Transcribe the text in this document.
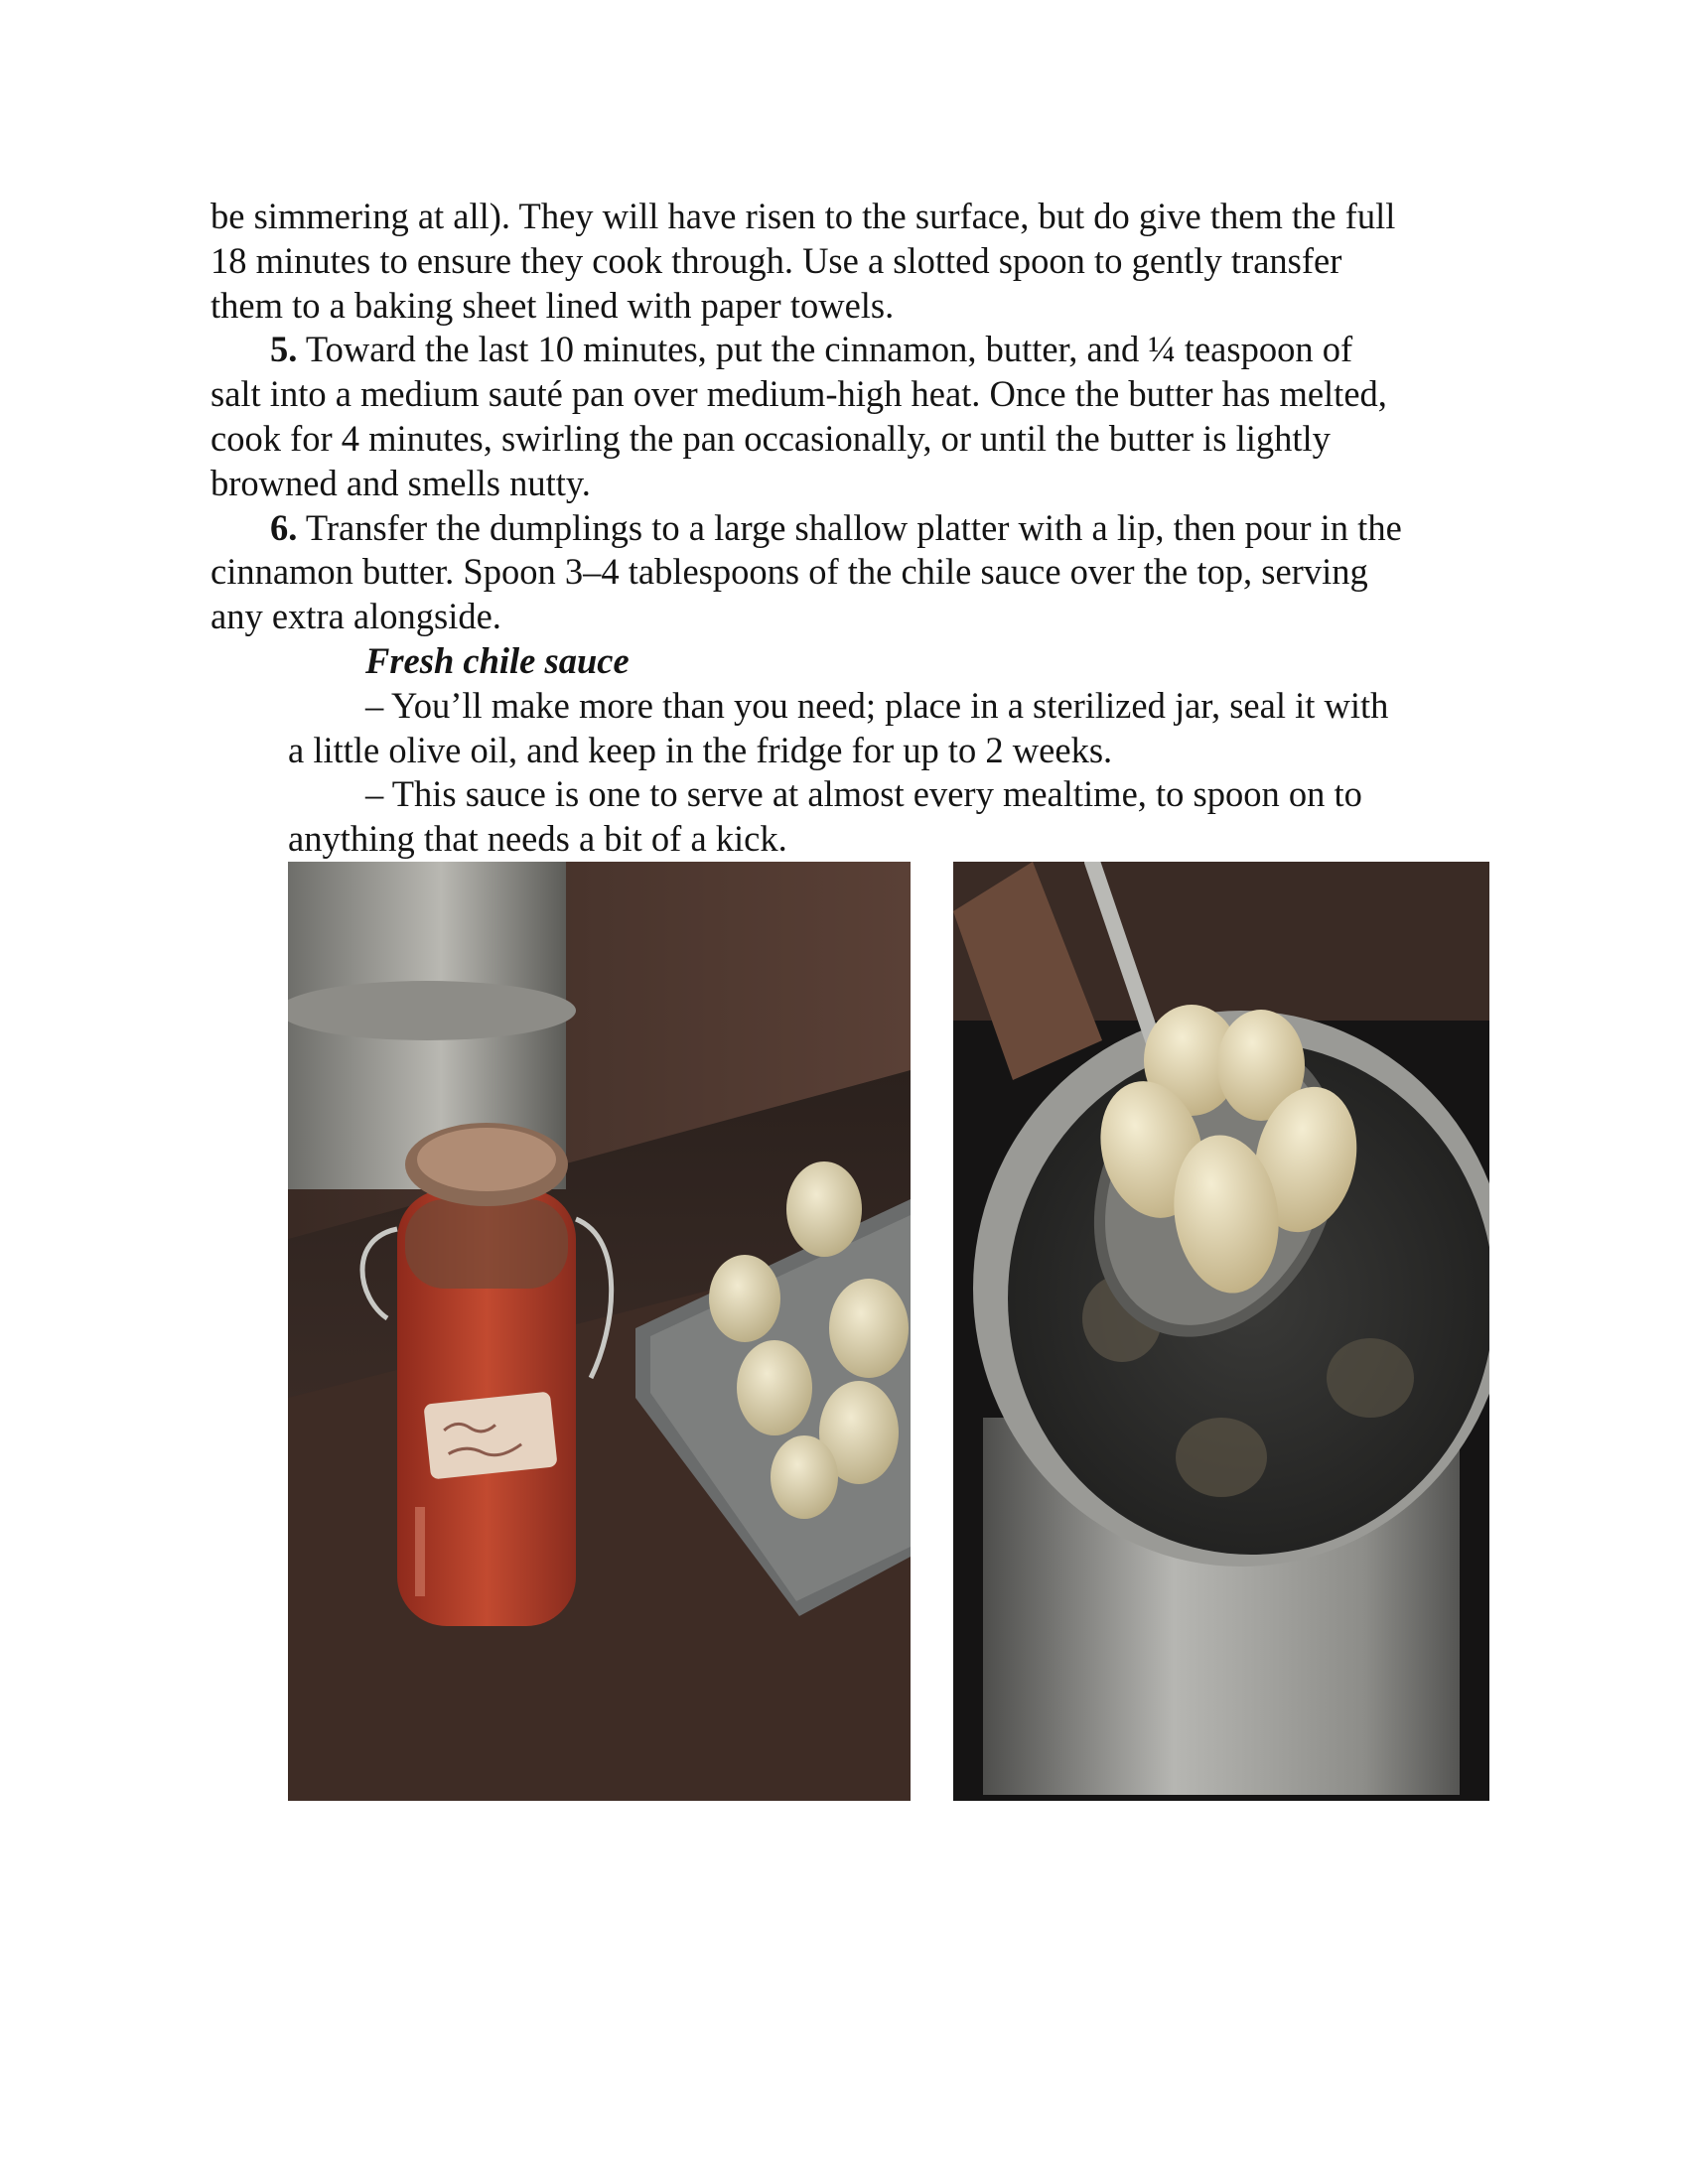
be simmering at all). They will have risen to the surface, but do give them the full
18 minutes to ensure they cook through. Use a slotted spoon to gently transfer
them to a baking sheet lined with paper towels.
5. Toward the last 10 minutes, put the cinnamon, butter, and ¼ teaspoon of
salt into a medium sauté pan over medium-high heat. Once the butter has melted,
cook for 4 minutes, swirling the pan occasionally, or until the butter is lightly
browned and smells nutty.
6. Transfer the dumplings to a large shallow platter with a lip, then pour in the
cinnamon butter. Spoon 3–4 tablespoons of the chile sauce over the top, serving
any extra alongside.
Fresh chile sauce
– You’ll make more than you need; place in a sterilized jar, seal it with
a little olive oil, and keep in the fridge for up to 2 weeks.
– This sauce is one to serve at almost every mealtime, to spoon on to
anything that needs a bit of a kick.
